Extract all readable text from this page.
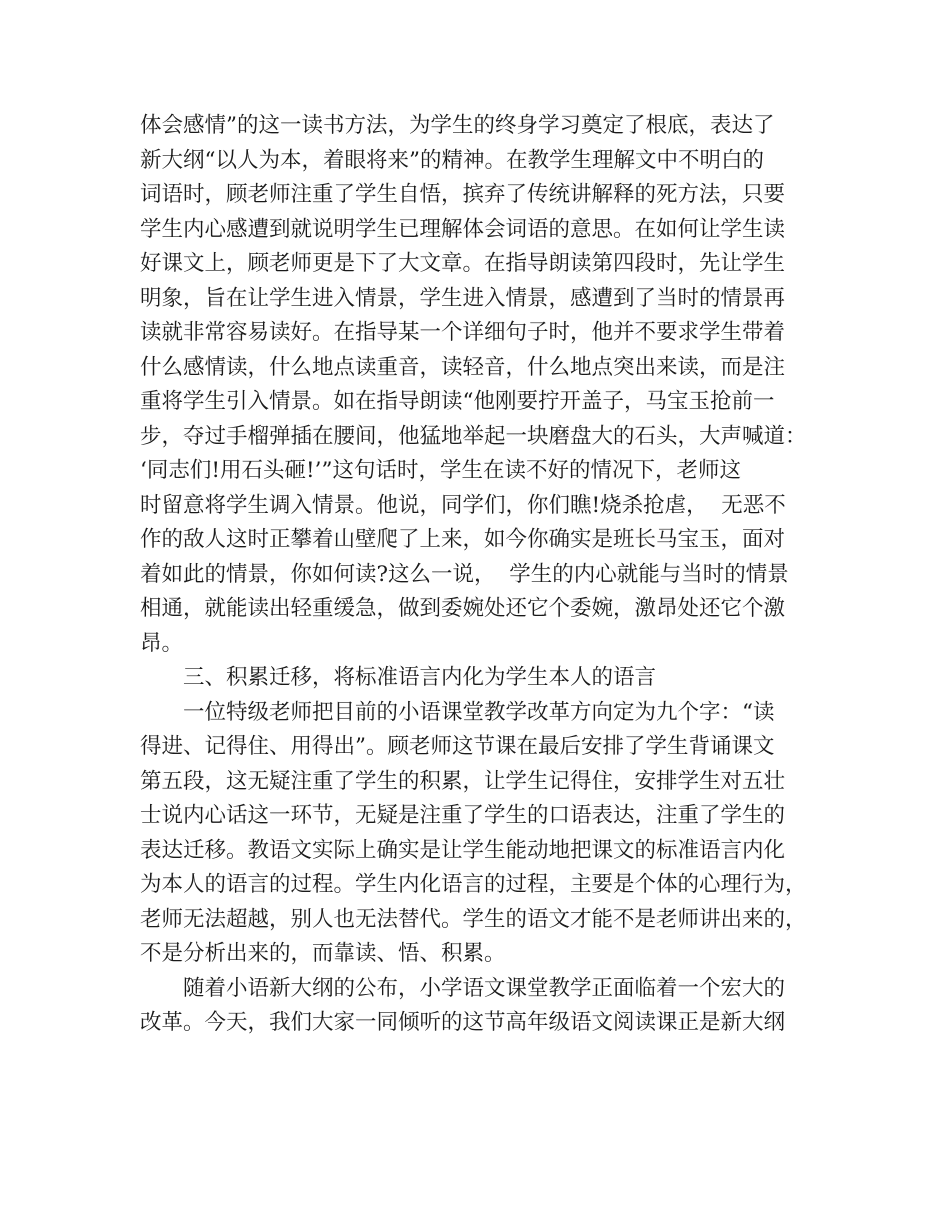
体会感情”的这一读书方法，为学生的终身学习奠定了根底，表达了
新大纲“以人为本，着眼将来”的精神。在教学生理解文中不明白的
词语时，顾老师注重了学生自悟，摈弃了传统讲解释的死方法，只要
学生内心感遭到就说明学生已理解体会词语的意思。在如何让学生读
好课文上，顾老师更是下了大文章。在指导朗读第四段时，先让学生
明象，旨在让学生进入情景，学生进入情景，感遭到了当时的情景再
读就非常容易读好。在指导某一个详细句子时，他并不要求学生带着
什么感情读，什么地点读重音，读轻音，什么地点突出来读，而是注
重将学生引入情景。如在指导朗读“他刚要拧开盖子，马宝玉抢前一
步，夺过手榴弹插在腰间，他猛地举起一块磨盘大的石头，大声喊道：
‘同志们!用石头砸!’”这句话时，学生在读不好的情况下，老师这
时留意将学生调入情景。他说，同学们，你们瞧!烧杀抢虐，  无恶不
作的敌人这时正攀着山壁爬了上来，如今你确实是班长马宝玉，面对
着如此的情景，你如何读?这么一说，  学生的内心就能与当时的情景
相通，就能读出轻重缓急，做到委婉处还它个委婉，激昂处还它个激
昂。
三、积累迁移，将标准语言内化为学生本人的语言
一位特级老师把目前的小语课堂教学改革方向定为九个字：“读
得进、记得住、用得出”。顾老师这节课在最后安排了学生背诵课文
第五段，这无疑注重了学生的积累，让学生记得住，安排学生对五壮
士说内心话这一环节，无疑是注重了学生的口语表达，注重了学生的
表达迁移。教语文实际上确实是让学生能动地把课文的标准语言内化
为本人的语言的过程。学生内化语言的过程，主要是个体的心理行为，
老师无法超越，别人也无法替代。学生的语文才能不是老师讲出来的，
不是分析出来的，而靠读、悟、积累。
随着小语新大纲的公布，小学语文课堂教学正面临着一个宏大的
改革。今天，我们大家一同倾听的这节高年级语文阅读课正是新大纲
